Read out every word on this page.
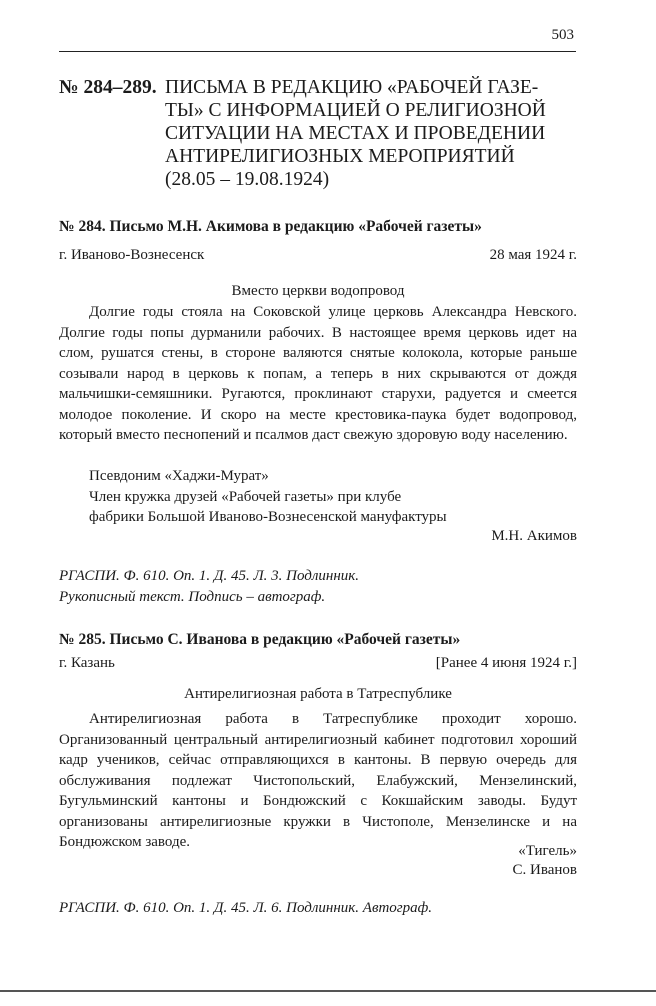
503
№ 284–289. ПИСЬМА В РЕДАКЦИЮ «РАБОЧЕЙ ГАЗЕ-
ТЫ» С ИНФОРМАЦИЕЙ О РЕЛИГИОЗНОЙ
СИТУАЦИИ НА МЕСТАХ И ПРОВЕДЕНИИ
АНТИРЕЛИГИОЗНЫХ МЕРОПРИЯТИЙ
(28.05 – 19.08.1924)
№ 284. Письмо М.Н. Акимова в редакцию «Рабочей газеты»
г. Иваново-Вознесенск	28 мая 1924 г.
Вместо церкви водопровод

Долгие годы стояла на Соковской улице церковь Александра Невского. Долгие годы попы дурманили рабочих. В настоящее время церковь идет на слом, рушатся стены, в стороне валяются снятые колокола, которые раньше созывали народ в церковь к попам, а теперь в них скрываются от дождя мальчишки-семяшники. Ругаются, проклинают старухи, радуется и смеется молодое поколение. И скоро на месте крестовика-паука будет водопровод, который вместо песнопений и псалмов даст свежую здоровую воду населению.

Псевдоним «Хаджи-Мурат»
Член кружка друзей «Рабочей газеты» при клубе
фабрики Большой Иваново-Вознесенской мануфактуры
М.Н. Акимов
РГАСПИ. Ф. 610. Оп. 1. Д. 45. Л. 3. Подлинник.
Рукописный текст. Подпись – автограф.
№ 285. Письмо С. Иванова в редакцию «Рабочей газеты»
г. Казань	[Ранее 4 июня 1924 г.]
Антирелигиозная работа в Татреспублике

Антирелигиозная работа в Татреспублике проходит хорошо. Организованный центральный антирелигиозный кабинет подготовил хороший кадр учеников, сейчас отправляющихся в кантоны. В первую очередь для обслуживания подлежат Чистопольский, Елабужский, Мензелинский, Бугульминский кантоны и Бондюжский с Кокшайским заводы. Будут организованы антирелигиозные кружки в Чистополе, Мензелинске и на Бондюжском заводе.

«Тигель»
С. Иванов
РГАСПИ. Ф. 610. Оп. 1. Д. 45. Л. 6. Подлинник. Автограф.
